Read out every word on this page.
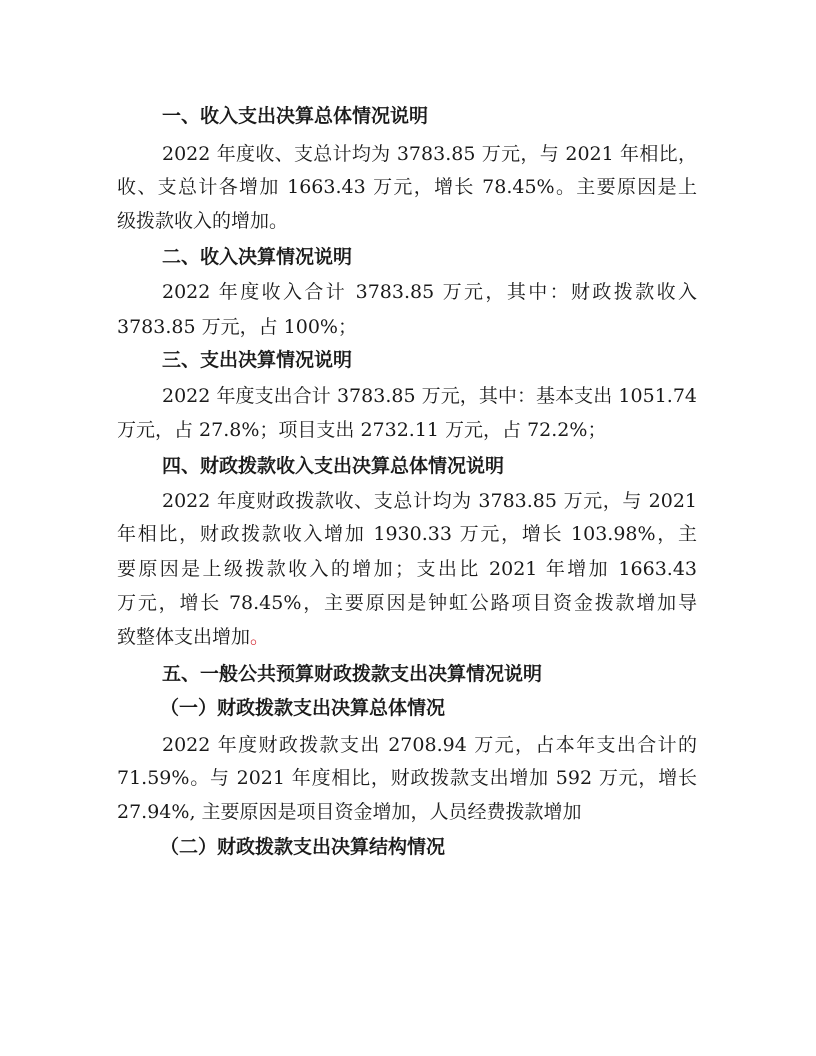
一、收入支出决算总体情况说明
2022 年度收、支总计均为 3783.85 万元，与 2021 年相比，
收、支总计各增加 1663.43 万元，增长 78.45%。主要原因是上
级拨款收入的增加。
二、收入决算情况说明
2022 年度收入合计 3783.85 万元，其中：财政拨款收入
3783.85 万元，占 100%；
三、支出决算情况说明
2022 年度支出合计 3783.85 万元，其中：基本支出 1051.74
万元，占 27.8%；项目支出 2732.11 万元，占 72.2%；
四、财政拨款收入支出决算总体情况说明
2022 年度财政拨款收、支总计均为 3783.85 万元，与 2021
年相比，财政拨款收入增加 1930.33 万元，增长 103.98%，主
要原因是上级拨款收入的增加；支出比 2021 年增加 1663.43
万元，增长 78.45%，主要原因是钟虹公路项目资金拨款增加导
致整体支出增加。
五、一般公共预算财政拨款支出决算情况说明
（一）财政拨款支出决算总体情况
2022 年度财政拨款支出 2708.94 万元，占本年支出合计的
71.59%。与 2021 年度相比，财政拨款支出增加 592 万元，增长
27.94%, 主要原因是项目资金增加，人员经费拨款增加
（二）财政拨款支出决算结构情况
